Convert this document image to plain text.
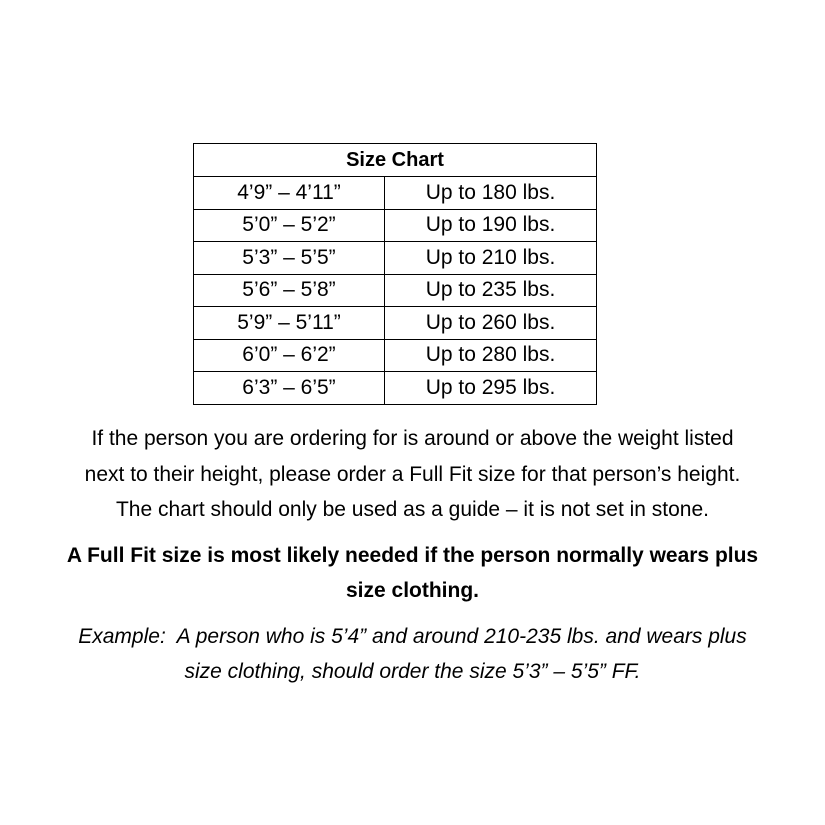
Size Chart	
4’9” – 4’11”	Up to 180 lbs.
5’0” – 5’2”	Up to 190 lbs.
5’3” – 5’5”	Up to 210 lbs.
5’6” – 5’8”	Up to 235 lbs.
5’9” – 5’11”	Up to 260 lbs.
6’0” – 6’2”	Up to 280 lbs.
6’3” – 6’5”	Up to 295 lbs.

If the person you are ordering for is around or above the weight listed
next to their height, please order a Full Fit size for that person’s height.
The chart should only be used as a guide – it is not set in stone.

A Full Fit size is most likely needed if the person normally wears plus
size clothing.

Example:  A person who is 5’4” and around 210-235 lbs. and wears plus
size clothing, should order the size 5’3” – 5’5” FF.
